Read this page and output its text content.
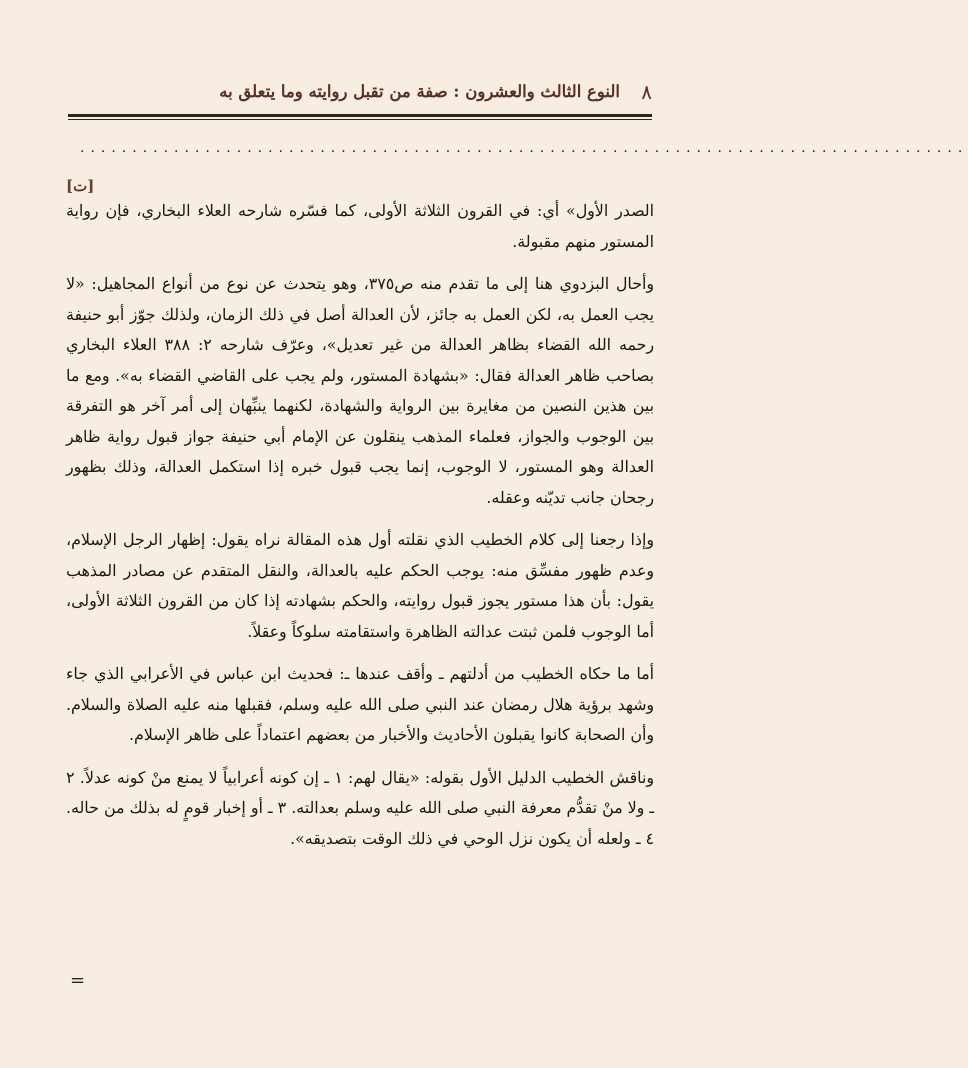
٨
النوع الثالث والعشرون : صفة من تقبل روايته وما يتعلق به
.....................................................................................

[ت]

الصدر الأول» أي: في القرون الثلاثة الأولى، كما فسّره شارحه العلاء البخاري، فإن رواية المستور منهم مقبولة.

وأحال البزدوي هنا إلى ما تقدم منه ص٣٧٥، وهو يتحدث عن نوع من أنواع المجاهيل: «لا يجب العمل به، لكن العمل به جائز، لأن العدالة أصل في ذلك الزمان، ولذلك جوّز أبو حنيفة رحمه الله القضاء بظاهر العدالة من غير تعديل»، وعرّف شارحه ٢: ٣٨٨ العلاء البخاري بصاحب ظاهر العدالة فقال: «بشهادة المستور، ولم يجب على القاضي القضاء به». ومع ما بين هذين النصين من مغايرة بين الرواية والشهادة، لكنهما ينبِّهان إلى أمر آخر هو التفرقة بين الوجوب والجواز، فعلماء المذهب ينقلون عن الإمام أبي حنيفة جواز قبول رواية ظاهر العدالة وهو المستور، لا الوجوب، إنما يجب قبول خبره إذا استكمل العدالة، وذلك بظهور رجحان جانب تديّنه وعقله.

وإذا رجعنا إلى كلام الخطيب الذي نقلته أول هذه المقالة نراه يقول: إظهار الرجل الإسلام، وعدم ظهور مفسِّق منه: يوجب الحكم عليه بالعدالة، والنقل المتقدم عن مصادر المذهب يقول: بأن هذا مستور يجوز قبول روايته، والحكم بشهادته إذا كان من القرون الثلاثة الأولى، أما الوجوب فلمن ثبتت عدالته الظاهرة واستقامته سلوكاً وعقلاً.

أما ما حكاه الخطيب من أدلتهم ـ وأقف عندها ـ: فحديث ابن عباس في الأعرابي الذي جاء وشهد برؤية هلال رمضان عند النبي صلى الله عليه وسلم، فقبلها منه عليه الصلاة والسلام. وأن الصحابة كانوا يقبلون الأحاديث والأخبار من بعضهم اعتماداً على ظاهر الإسلام.

وناقش الخطيب الدليل الأول بقوله: «يقال لهم: ١ ـ إن كونه أعرابياً لا يمنع منْ كونه عدلاً. ٢ ـ ولا منْ تقدُّم معرفة النبي صلى الله عليه وسلم بعدالته. ٣ ـ أو إخبار قومٍ له بذلك من حاله. ٤ ـ ولعله أن يكون نزل الوحي في ذلك الوقت بتصديقه».

=
